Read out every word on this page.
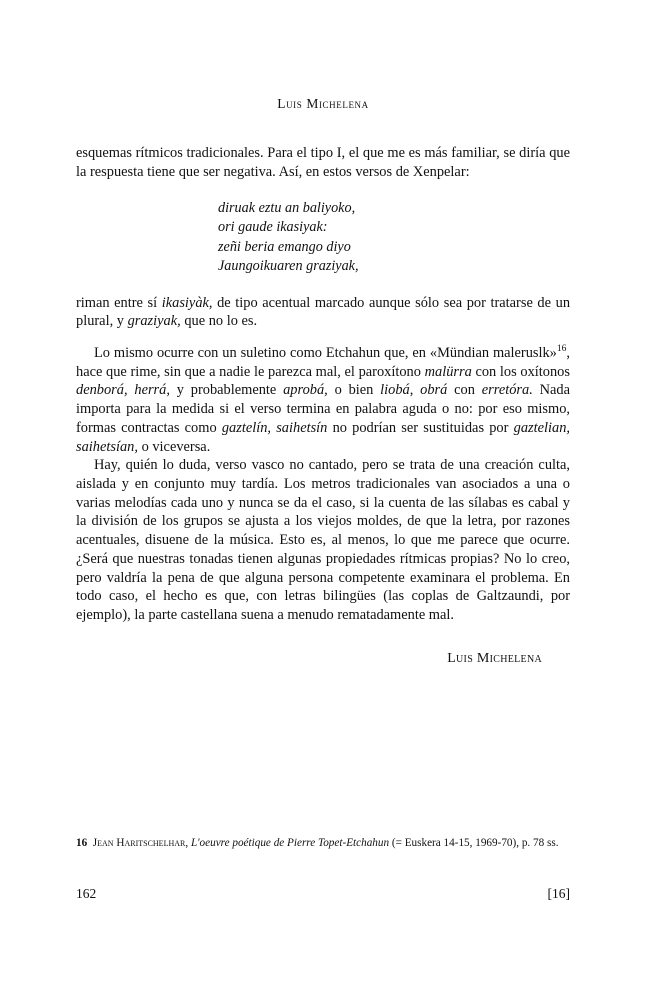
Luis Michelena

esquemas rítmicos tradicionales. Para el tipo I, el que me es más familiar, se diría que la respuesta tiene que ser negativa. Así, en estos versos de Xenpelar:

diruak eztu an baliyoko,
ori gaude ikasiyak:
zeñi beria emango diyo
Jaungoikuaren graziyak,

riman entre sí ikasiyàk, de tipo acentual marcado aunque sólo sea por tratarse de un plural, y graziyak, que no lo es.

Lo mismo ocurre con un suletino como Etchahun que, en «Mündian maleruslk»$^{16}$, hace que rime, sin que a nadie le parezca mal, el paroxítono malürra con los oxítonos denborá, herrá, y probablemente aprobá, o bien liobá, obrá con erretóra. Nada importa para la medida si el verso termina en palabra aguda o no: por eso mismo, formas contractas como gaztelín, saihetsín no podrían ser sustituidas por gaztelian, saihetsían, o viceversa.

Hay, quién lo duda, verso vasco no cantado, pero se trata de una creación culta, aislada y en conjunto muy tardía. Los metros tradicionales van asociados a una o varias melodías cada uno y nunca se da el caso, si la cuenta de las sílabas es cabal y la división de los grupos se ajusta a los viejos moldes, de que la letra, por razones acentuales, disuene de la música. Esto es, al menos, lo que me parece que ocurre. ¿Será que nuestras tonadas tienen algunas propiedades rítmicas propias? No lo creo, pero valdría la pena de que alguna persona competente examinara el problema. En todo caso, el hecho es que, con letras bilingües (las coplas de Galtzaundi, por ejemplo), la parte castellana suena a menudo rematadamente mal.

Luis Michelena
16 Jean Haritschelhar, L'oeuvre poétique de Pierre Topet-Etchahun (= Euskera 14-15, 1969-70), p. 78 ss.
162	[16]
